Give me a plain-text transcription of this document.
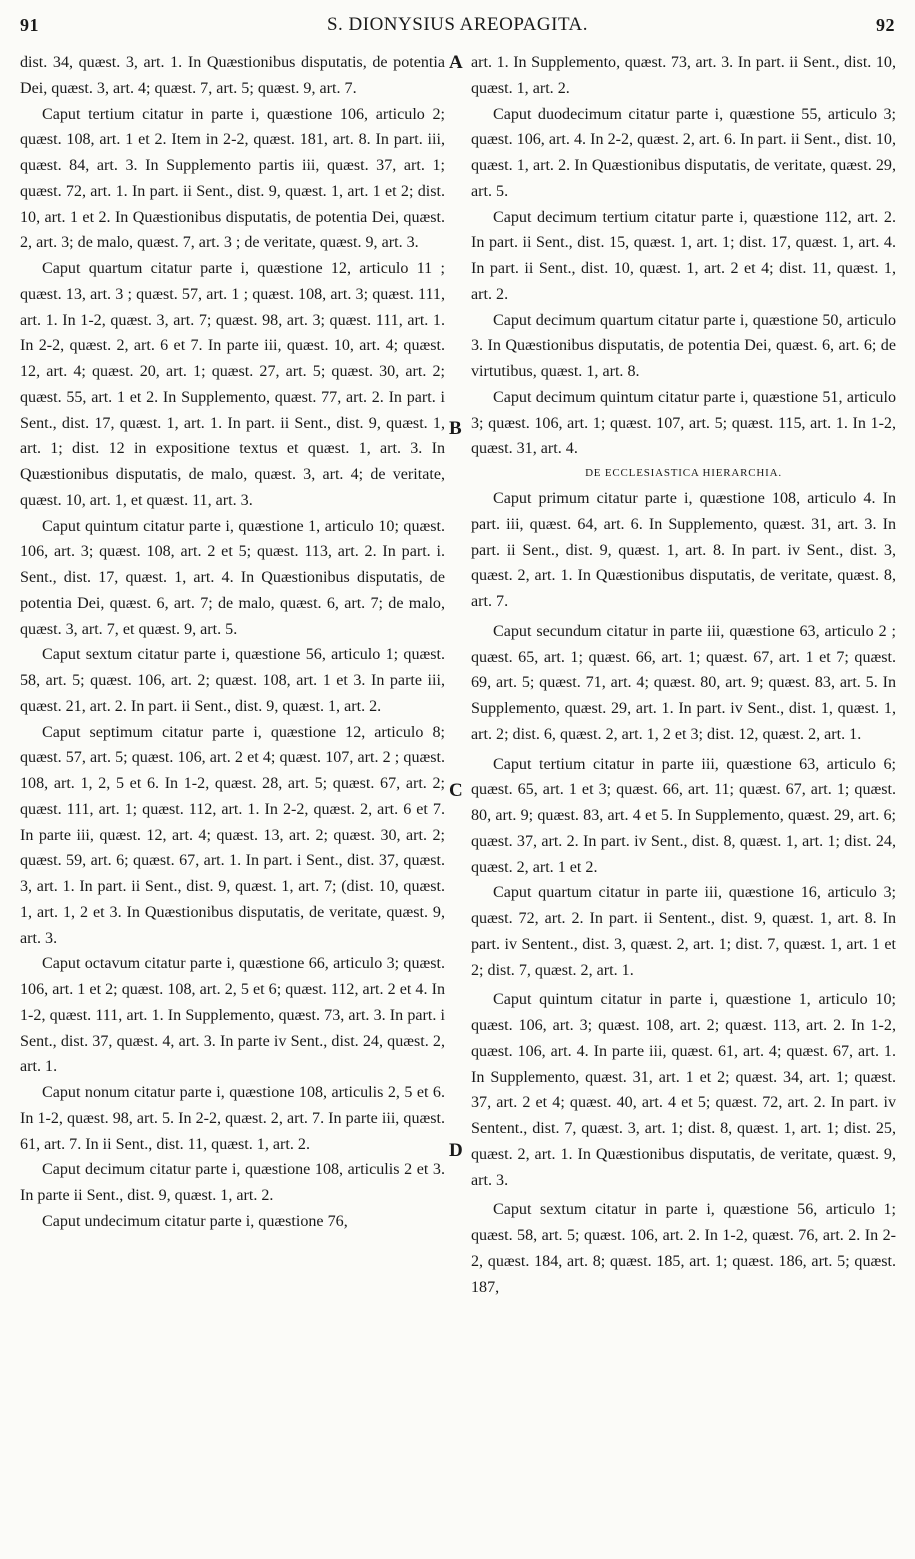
91	S. DIONYSIUS AREOPAGITA.	92
A
B
C
D

dist. 34, quæst. 3, art. 1. In Quæstionibus disputatis, de potentia Dei, quæst. 3, art. 4; quæst. 7, art. 5; quæst. 9, art. 7.

Caput tertium citatur in parte i, quæstione 106, articulo 2; quæst. 108, art. 1 et 2. Item in 2-2, quæst. 181, art. 8. In part. iii, quæst. 84, art. 3. In Supplemento partis iii, quæst. 37, art. 1; quæst. 72, art. 1. In part. ii Sent., dist. 9, quæst. 1, art. 1 et 2; dist. 10, art. 1 et 2. In Quæstionibus disputatis, de potentia Dei, quæst. 2, art. 3; de malo, quæst. 7, art. 3 ; de veritate, quæst. 9, art. 3.

Caput quartum citatur parte i, quæstione 12, articulo 11 ; quæst. 13, art. 3 ; quæst. 57, art. 1 ; quæst. 108, art. 3; quæst. 111, art. 1. In 1-2, quæst. 3, art. 7; quæst. 98, art. 3; quæst. 111, art. 1. In 2-2, quæst. 2, art. 6 et 7. In parte iii, quæst. 10, art. 4; quæst. 12, art. 4; quæst. 20, art. 1; quæst. 27, art. 5; quæst. 30, art. 2; quæst. 55, art. 1 et 2. In Supplemento, quæst. 77, art. 2. In part. i Sent., dist. 17, quæst. 1, art. 1. In part. ii Sent., dist. 9, quæst. 1, art. 1; dist. 12 in expositione textus et quæst. 1, art. 3. In Quæstionibus disputatis, de malo, quæst. 3, art. 4; de veritate, quæst. 10, art. 1, et quæst. 11, art. 3.

Caput quintum citatur parte i, quæstione 1, articulo 10; quæst. 106, art. 3; quæst. 108, art. 2 et 5; quæst. 113, art. 2. In part. i. Sent., dist. 17, quæst. 1, art. 4. In Quæstionibus disputatis, de potentia Dei, quæst. 6, art. 7; de malo, quæst. 6, art. 7; de malo, quæst. 3, art. 7, et quæst. 9, art. 5.

Caput sextum citatur parte i, quæstione 56, articulo 1; quæst. 58, art. 5; quæst. 106, art. 2; quæst. 108, art. 1 et 3. In parte iii, quæst. 21, art. 2. In part. ii Sent., dist. 9, quæst. 1, art. 2.

Caput septimum citatur parte i, quæstione 12, articulo 8; quæst. 57, art. 5; quæst. 106, art. 2 et 4; quæst. 107, art. 2 ; quæst. 108, art. 1, 2, 5 et 6. In 1-2, quæst. 28, art. 5; quæst. 67, art. 2; quæst. 111, art. 1; quæst. 112, art. 1. In 2-2, quæst. 2, art. 6 et 7. In parte iii, quæst. 12, art. 4; quæst. 13, art. 2; quæst. 30, art. 2; quæst. 59, art. 6; quæst. 67, art. 1. In part. i Sent., dist. 37, quæst. 3, art. 1. In part. ii Sent., dist. 9, quæst. 1, art. 7; (dist. 10, quæst. 1, art. 1, 2 et 3. In Quæstionibus disputatis, de veritate, quæst. 9, art. 3.

Caput octavum citatur parte i, quæstione 66, articulo 3; quæst. 106, art. 1 et 2; quæst. 108, art. 2, 5 et 6; quæst. 112, art. 2 et 4. In 1-2, quæst. 111, art. 1. In Supplemento, quæst. 73, art. 3. In part. i Sent., dist. 37, quæst. 4, art. 3. In parte iv Sent., dist. 24, quæst. 2, art. 1.

Caput nonum citatur parte i, quæstione 108, articulis 2, 5 et 6. In 1-2, quæst. 98, art. 5. In 2-2, quæst. 2, art. 7. In parte iii, quæst. 61, art. 7. In ii Sent., dist. 11, quæst. 1, art. 2.

Caput decimum citatur parte i, quæstione 108, articulis 2 et 3. In parte ii Sent., dist. 9, quæst. 1, art. 2.

Caput undecimum citatur parte i, quæstione 76,

art. 1. In Supplemento, quæst. 73, art. 3. In part. ii Sent., dist. 10, quæst. 1, art. 2.

Caput duodecimum citatur parte i, quæstione 55, articulo 3; quæst. 106, art. 4. In 2-2, quæst. 2, art. 6. In part. ii Sent., dist. 10, quæst. 1, art. 2. In Quæstionibus disputatis, de veritate, quæst. 29, art. 5.

Caput decimum tertium citatur parte i, quæstione 112, art. 2. In part. ii Sent., dist. 15, quæst. 1, art. 1; dist. 17, quæst. 1, art. 4. In part. ii Sent., dist. 10, quæst. 1, art. 2 et 4; dist. 11, quæst. 1, art. 2.

Caput decimum quartum citatur parte i, quæstione 50, articulo 3. In Quæstionibus disputatis, de potentia Dei, quæst. 6, art. 6; de virtutibus, quæst. 1, art. 8.

Caput decimum quintum citatur parte i, quæstione 51, articulo 3; quæst. 106, art. 1; quæst. 107, art. 5; quæst. 115, art. 1. In 1-2, quæst. 31, art. 4.

DE ECCLESIASTICA HIERARCHIA.

Caput primum citatur parte i, quæstione 108, articulo 4. In part. iii, quæst. 64, art. 6. In Supplemento, quæst. 31, art. 3. In part. ii Sent., dist. 9, quæst. 1, art. 8. In part. iv Sent., dist. 3, quæst. 2, art. 1. In Quæstionibus disputatis, de veritate, quæst. 8, art. 7.

Caput secundum citatur in parte iii, quæstione 63, articulo 2 ; quæst. 65, art. 1; quæst. 66, art. 1; quæst. 67, art. 1 et 7; quæst. 69, art. 5; quæst. 71, art. 4; quæst. 80, art. 9; quæst. 83, art. 5. In Supplemento, quæst. 29, art. 1. In part. iv Sent., dist. 1, quæst. 1, art. 2; dist. 6, quæst. 2, art. 1, 2 et 3; dist. 12, quæst. 2, art. 1.

Caput tertium citatur in parte iii, quæstione 63, articulo 6; quæst. 65, art. 1 et 3; quæst. 66, art. 11; quæst. 67, art. 1; quæst. 80, art. 9; quæst. 83, art. 4 et 5. In Supplemento, quæst. 29, art. 6; quæst. 37, art. 2. In part. iv Sent., dist. 8, quæst. 1, art. 1; dist. 24, quæst. 2, art. 1 et 2.

Caput quartum citatur in parte iii, quæstione 16, articulo 3; quæst. 72, art. 2. In part. ii Sentent., dist. 9, quæst. 1, art. 8. In part. iv Sentent., dist. 3, quæst. 2, art. 1; dist. 7, quæst. 1, art. 1 et 2; dist. 7, quæst. 2, art. 1.

Caput quintum citatur in parte i, quæstione 1, articulo 10; quæst. 106, art. 3; quæst. 108, art. 2; quæst. 113, art. 2. In 1-2, quæst. 106, art. 4. In parte iii, quæst. 61, art. 4; quæst. 67, art. 1. In Supplemento, quæst. 31, art. 1 et 2; quæst. 34, art. 1; quæst. 37, art. 2 et 4; quæst. 40, art. 4 et 5; quæst. 72, art. 2. In part. iv Sentent., dist. 7, quæst. 3, art. 1; dist. 8, quæst. 1, art. 1; dist. 25, quæst. 2, art. 1. In Quæstionibus disputatis, de veritate, quæst. 9, art. 3.

Caput sextum citatur in parte i, quæstione 56, articulo 1; quæst. 58, art. 5; quæst. 106, art. 2. In 1-2, quæst. 76, art. 2. In 2-2, quæst. 184, art. 8; quæst. 185, art. 1; quæst. 186, art. 5; quæst. 187,
